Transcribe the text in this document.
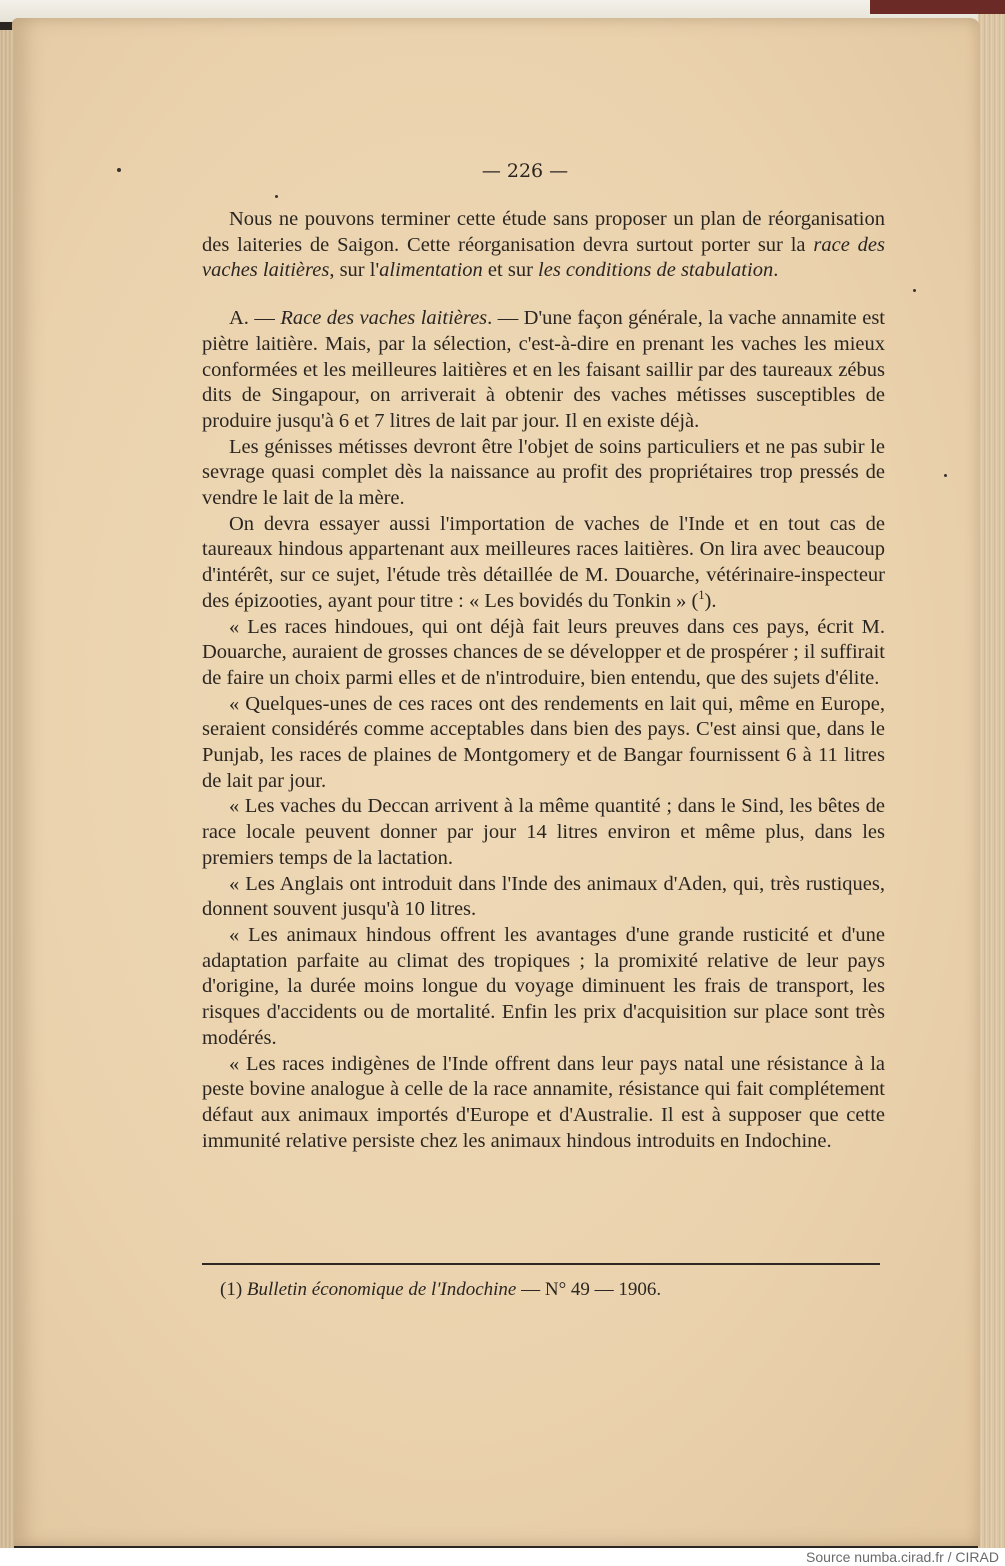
— 226 —

Nous ne pouvons terminer cette étude sans proposer un plan de réorganisation des laiteries de Saigon. Cette réorganisation devra surtout porter sur la race des vaches laitières, sur l'alimentation et sur les conditions de stabulation.

A. — Race des vaches laitières. — D'une façon générale, la vache annamite est piètre laitière. Mais, par la sélection, c'est-à-dire en prenant les vaches les mieux conformées et les meilleures laitières et en les faisant saillir par des taureaux zébus dits de Singapour, on arriverait à obtenir des vaches métisses susceptibles de produire jusqu'à 6 et 7 litres de lait par jour. Il en existe déjà.

Les génisses métisses devront être l'objet de soins particuliers et ne pas subir le sevrage quasi complet dès la naissance au profit des propriétaires trop pressés de vendre le lait de la mère.

On devra essayer aussi l'importation de vaches de l'Inde et en tout cas de taureaux hindous appartenant aux meilleures races laitières. On lira avec beaucoup d'intérêt, sur ce sujet, l'étude très détaillée de M. Douarche, vétérinaire-inspecteur des épizooties, ayant pour titre : « Les bovidés du Tonkin » ($^1$).

« Les races hindoues, qui ont déjà fait leurs preuves dans ces pays, écrit M. Douarche, auraient de grosses chances de se développer et de prospérer ; il suffirait de faire un choix parmi elles et de n'introduire, bien entendu, que des sujets d'élite.

« Quelques-unes de ces races ont des rendements en lait qui, même en Europe, seraient considérés comme acceptables dans bien des pays. C'est ainsi que, dans le Punjab, les races de plaines de Montgomery et de Bangar fournissent 6 à 11 litres de lait par jour.

« Les vaches du Deccan arrivent à la même quantité ; dans le Sind, les bêtes de race locale peuvent donner par jour 14 litres environ et même plus, dans les premiers temps de la lactation.

« Les Anglais ont introduit dans l'Inde des animaux d'Aden, qui, très rustiques, donnent souvent jusqu'à 10 litres.

« Les animaux hindous offrent les avantages d'une grande rusticité et d'une adaptation parfaite au climat des tropiques ; la promixité relative de leur pays d'origine, la durée moins longue du voyage diminuent les frais de transport, les risques d'accidents ou de mortalité. Enfin les prix d'acquisition sur place sont très modérés.

« Les races indigènes de l'Inde offrent dans leur pays natal une résistance à la peste bovine analogue à celle de la race annamite, résistance qui fait complétement défaut aux animaux importés d'Europe et d'Australie. Il est à supposer que cette immunité relative persiste chez les animaux hindous introduits en Indochine.

(1) Bulletin économique de l'Indochine — N° 49 — 1906.
Source numba.cirad.fr / CIRAD
